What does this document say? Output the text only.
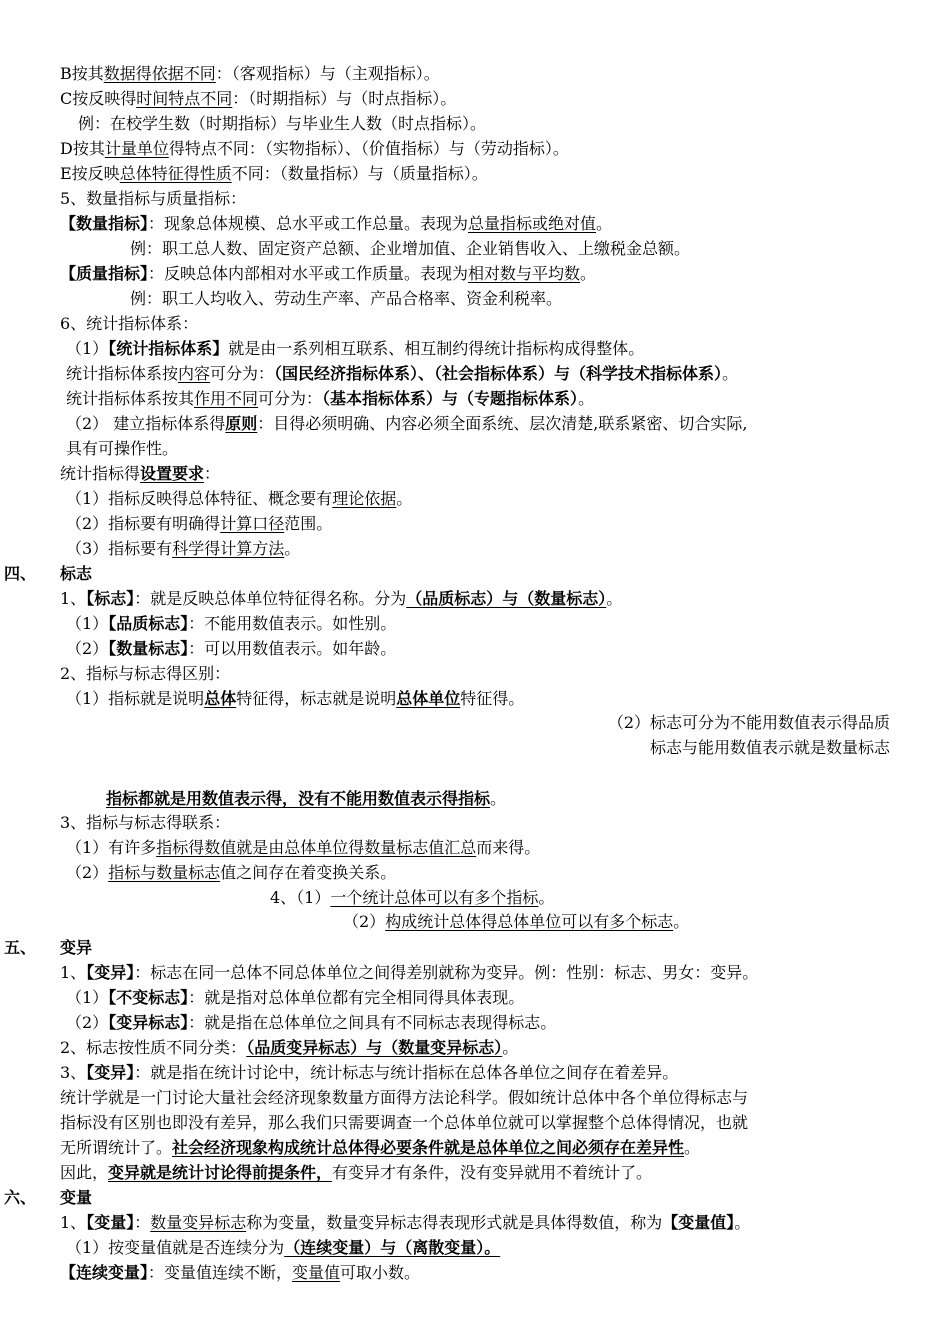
B按其数据得依据不同：（客观指标）与（主观指标）。
C按反映得时间特点不同：（时期指标）与（时点指标）。
例：在校学生数（时期指标）与毕业生人数（时点指标）。
D按其计量单位得特点不同：（实物指标）、（价值指标）与（劳动指标）。
E按反映总体特征得性质不同：（数量指标）与（质量指标）。
5、数量指标与质量指标：
【数量指标】：现象总体规模、总水平或工作总量。表现为总量指标或绝对值。
例：职工总人数、固定资产总额、企业增加值、企业销售收入、上缴税金总额。
【质量指标】：反映总体内部相对水平或工作质量。表现为相对数与平均数。
例：职工人均收入、劳动生产率、产品合格率、资金利税率。
6、统计指标体系：
（1）【统计指标体系】就是由一系列相互联系、相互制约得统计指标构成得整体。
统计指标体系按内容可分为：（国民经济指标体系）、（社会指标体系）与（科学技术指标体系）。
统计指标体系按其作用不同可分为：（基本指标体系）与（专题指标体系）。
（2） 建立指标体系得原则：目得必须明确、内容必须全面系统、层次清楚,联系紧密、切合实际,
具有可操作性。
统计指标得设置要求：
（1）指标反映得总体特征、概念要有理论依据。
（2）指标要有明确得计算口径范围。
（3）指标要有科学得计算方法。
四、 标志
1、【标志】：就是反映总体单位特征得名称。分为（品质标志）与（数量标志）。
（1）【品质标志】：不能用数值表示。如性别。
（2）【数量标志】：可以用数值表示。如年龄。
2、指标与标志得区别：
（1）指标就是说明总体特征得，标志就是说明总体单位特征得。
（2）标志可分为不能用数值表示得品质
标志与能用数值表示就是数量标志
指标都就是用数值表示得，没有不能用数值表示得指标。
3、指标与标志得联系：
（1）有许多指标得数值就是由总体单位得数量标志值汇总而来得。
（2）指标与数量标志值之间存在着变换关系。
4、（1）一个统计总体可以有多个指标。
（2）构成统计总体得总体单位可以有多个标志。
五、 变异
1、【变异】：标志在同一总体不同总体单位之间得差别就称为变异。例：性别：标志、男女：变异。
（1）【不变标志】：就是指对总体单位都有完全相同得具体表现。
（2）【变异标志】：就是指在总体单位之间具有不同标志表现得标志。
2、标志按性质不同分类：（品质变异标志）与（数量变异标志）。
3、【变异】：就是指在统计讨论中，统计标志与统计指标在总体各单位之间存在着差异。
统计学就是一门讨论大量社会经济现象数量方面得方法论科学。假如统计总体中各个单位得标志与
指标没有区别也即没有差异，那么我们只需要调查一个总体单位就可以掌握整个总体得情况，也就
无所谓统计了。社会经济现象构成统计总体得必要条件就是总体单位之间必须存在差异性。
因此，变异就是统计讨论得前提条件，有变异才有条件，没有变异就用不着统计了。
六、 变量
1、【变量】：数量变异标志称为变量，数量变异标志得表现形式就是具体得数值，称为【变量值】。
（1）按变量值就是否连续分为（连续变量）与（离散变量）。
【连续变量】：变量值连续不断，变量值可取小数。
